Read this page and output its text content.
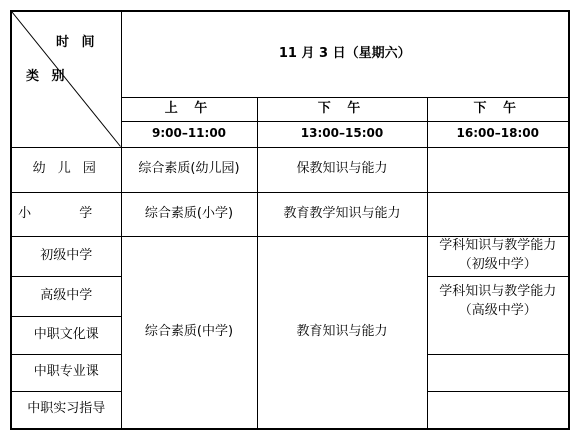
时 间
类 别	11 月 3 日（星期六）		
	上 午	下 午	下 午
	9:00–11:00	13:00–15:00	16:00–18:00
幼 儿 园	综合素质(幼儿园)	保教知识与能力	
小 学	综合素质(小学)	教育教学知识与能力	
初级中学	综合素质(中学)	教育知识与能力	学科知识与教学能力
（初级中学）

高级中学			学科知识与教学能力
（高级中学）

中职文化课			
中职专业课			
中职实习指导			
